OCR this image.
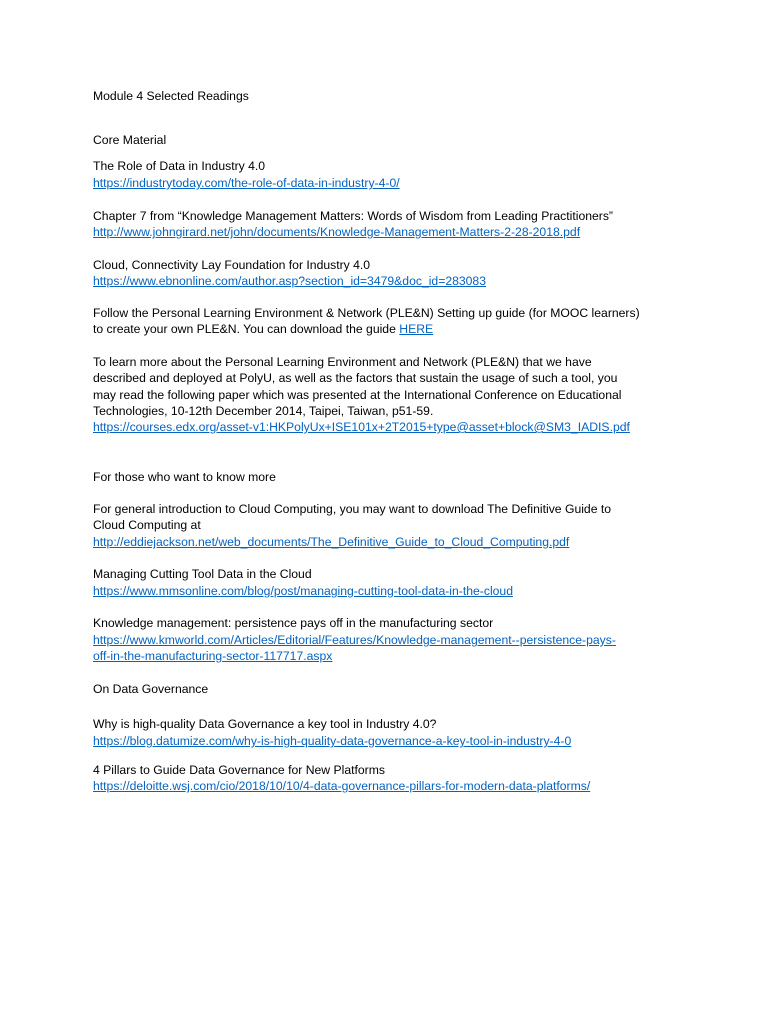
Module 4 Selected Readings
Core Material
The Role of Data in Industry 4.0
https://industrytoday.com/the-role-of-data-in-industry-4-0/
Chapter 7 from “Knowledge Management Matters: Words of Wisdom from Leading Practitioners”
http://www.johngirard.net/john/documents/Knowledge-Management-Matters-2-28-2018.pdf
Cloud, Connectivity Lay Foundation for Industry 4.0
https://www.ebnonline.com/author.asp?section_id=3479&doc_id=283083
Follow the Personal Learning Environment & Network (PLE&N) Setting up guide (for MOOC learners)
to create your own PLE&N. You can download the guide HERE
To learn more about the Personal Learning Environment and Network (PLE&N) that we have
described and deployed at PolyU, as well as the factors that sustain the usage of such a tool, you
may read the following paper which was presented at the International Conference on Educational
Technologies, 10-12th December 2014, Taipei, Taiwan, p51-59.
https://courses.edx.org/asset-v1:HKPolyUx+ISE101x+2T2015+type@asset+block@SM3_IADIS.pdf
For those who want to know more
For general introduction to Cloud Computing, you may want to download The Definitive Guide to
Cloud Computing at
http://eddiejackson.net/web_documents/The_Definitive_Guide_to_Cloud_Computing.pdf
Managing Cutting Tool Data in the Cloud
https://www.mmsonline.com/blog/post/managing-cutting-tool-data-in-the-cloud
Knowledge management: persistence pays off in the manufacturing sector
https://www.kmworld.com/Articles/Editorial/Features/Knowledge-management--persistence-pays-
off-in-the-manufacturing-sector-117717.aspx
On Data Governance
Why is high-quality Data Governance a key tool in Industry 4.0?
https://blog.datumize.com/why-is-high-quality-data-governance-a-key-tool-in-industry-4-0
4 Pillars to Guide Data Governance for New Platforms
https://deloitte.wsj.com/cio/2018/10/10/4-data-governance-pillars-for-modern-data-platforms/
